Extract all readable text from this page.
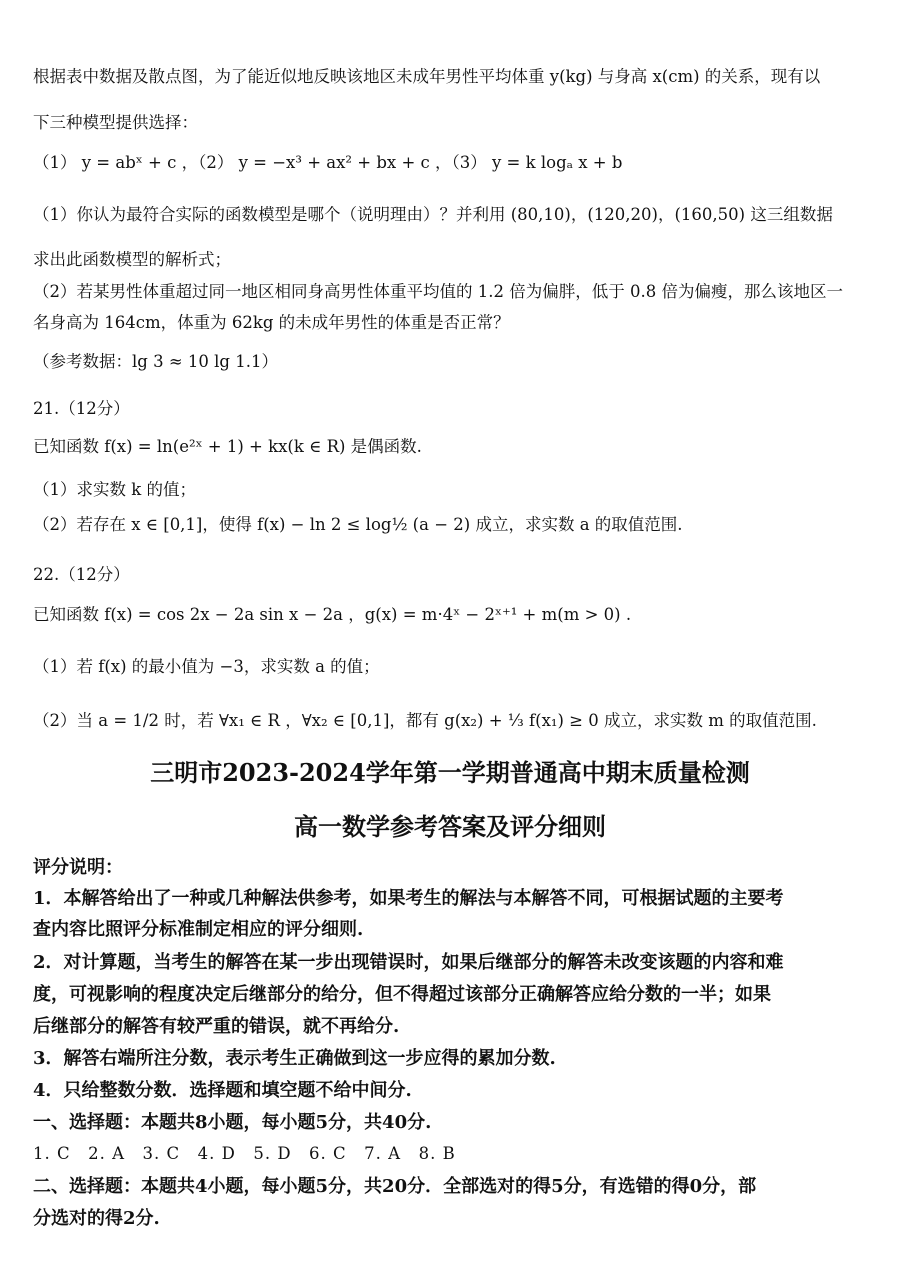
根据表中数据及散点图，为了能近似地反映该地区未成年男性平均体重 y(kg) 与身高 x(cm) 的关系，现有以
下三种模型提供选择：
（1） y = abˣ + c ，（2） y = −x³ + ax² + bx + c ，（3） y = k logₐ x + b
（1）你认为最符合实际的函数模型是哪个（说明理由）？并利用 (80,10)，(120,20)，(160,50) 这三组数据
求出此函数模型的解析式；
（2）若某男性体重超过同一地区相同身高男性体重平均值的 1.2 倍为偏胖，低于 0.8 倍为偏瘦，那么该地区一
名身高为 164cm，体重为 62kg 的未成年男性的体重是否正常？
（参考数据：lg 3 ≈ 10 lg 1.1）
21.（12分）
已知函数 f(x) = ln(e²ˣ + 1) + kx(k ∈ R) 是偶函数.
（1）求实数 k 的值；
（2）若存在 x ∈ [0,1]，使得 f(x) − ln 2 ≤ log½ (a − 2) 成立，求实数 a 的取值范围.
22.（12分）
已知函数 f(x) = cos 2x − 2a sin x − 2a ，g(x) = m·4ˣ − 2ˣ⁺¹ + m(m > 0) .
（1）若 f(x) 的最小值为 −3，求实数 a 的值；
（2）当 a = 1/2 时，若 ∀x₁ ∈ R ，∀x₂ ∈ [0,1]，都有 g(x₂) + ⅓ f(x₁) ≥ 0 成立，求实数 m 的取值范围.
三明市2023-2024学年第一学期普通高中期末质量检测
高一数学参考答案及评分细则
评分说明：
1．本解答给出了一种或几种解法供参考，如果考生的解法与本解答不同，可根据试题的主要考
查内容比照评分标准制定相应的评分细则.
2．对计算题，当考生的解答在某一步出现错误时，如果后继部分的解答未改变该题的内容和难
度，可视影响的程度决定后继部分的给分，但不得超过该部分正确解答应给分数的一半；如果
后继部分的解答有较严重的错误，就不再给分.
3．解答右端所注分数，表示考生正确做到这一步应得的累加分数.
4．只给整数分数．选择题和填空题不给中间分.
一、选择题：本题共8小题，每小题5分，共40分.
1. C　2. A　3. C　4. D　5. D　6. C　7. A　8. B
二、选择题：本题共4小题，每小题5分，共20分．全部选对的得5分，有选错的得0分，部
分选对的得2分.
